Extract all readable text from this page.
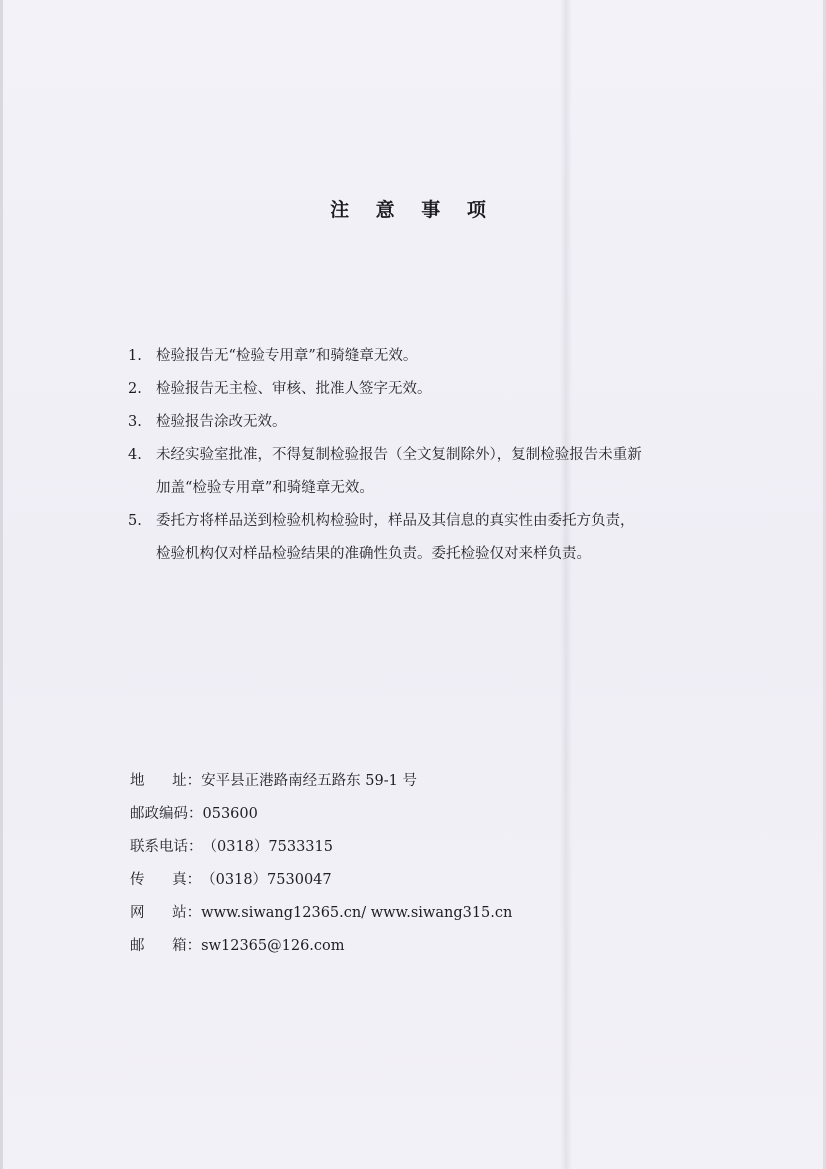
注 意 事 项
1. 检验报告无“检验专用章”和骑缝章无效。
2. 检验报告无主检、审核、批准人签字无效。
3. 检验报告涂改无效。
4. 未经实验室批准，不得复制检验报告（全文复制除外），复制检验报告未重新
加盖“检验专用章”和骑缝章无效。
5. 委托方将样品送到检验机构检验时，样品及其信息的真实性由委托方负责，
检验机构仅对样品检验结果的准确性负责。委托检验仅对来样负责。
地      址： 安平县正港路南经五路东 59-1 号
邮政编码： 053600
联系电话： （0318）7533315
传      真： （0318）7530047
网      站： www.siwang12365.cn/ www.siwang315.cn
邮      箱： sw12365@126.com
